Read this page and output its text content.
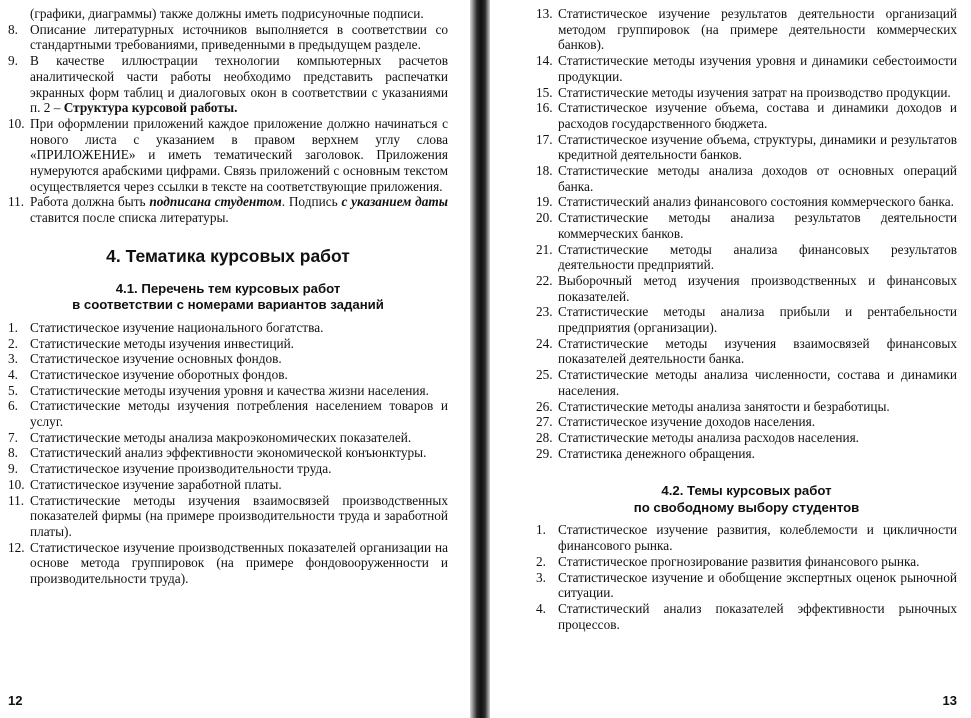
(графики, диаграммы) также должны иметь подрисуночные подписи.
8. Описание литературных источников выполняется в соответствии со стандартными требованиями, приведенными в предыдущем разделе.
9. В качестве иллюстрации технологии компьютерных расчетов аналитической части работы необходимо представить распечатки экранных форм таблиц и диалоговых окон в соответствии с указаниями п. 2 – Структура курсовой работы.
10. При оформлении приложений каждое приложение должно начинаться с нового листа с указанием в правом верхнем углу слова «ПРИЛОЖЕНИЕ» и иметь тематический заголовок. Приложения нумеруются арабскими цифрами. Связь приложений с основным текстом осуществляется через ссылки в тексте на соответствующие приложения.
11. Работа должна быть подписана студентом. Подпись с указанием даты ставится после списка литературы.
4. Тематика курсовых работ
4.1. Перечень тем курсовых работ
в соответствии с номерами вариантов заданий
1. Статистическое изучение национального богатства.
2. Статистические методы изучения инвестиций.
3. Статистическое изучение основных фондов.
4. Статистическое изучение оборотных фондов.
5. Статистические методы изучения уровня и качества жизни населения.
6. Статистические методы изучения потребления населением товаров и услуг.
7. Статистические методы анализа макроэкономических показателей.
8. Статистический анализ эффективности экономической конъюнктуры.
9. Статистическое изучение производительности труда.
10. Статистическое изучение заработной платы.
11. Статистические методы изучения взаимосвязей производственных показателей фирмы (на примере производительности труда и заработной платы).
12. Статистическое изучение производственных показателей организации на основе метода группировок (на примере фондовооруженности и производительности труда).
12
13. Статистическое изучение результатов деятельности организаций методом группировок (на примере деятельности коммерческих банков).
14. Статистические методы изучения уровня и динамики себестоимости продукции.
15. Статистические методы изучения затрат на производство продукции.
16. Статистическое изучение объема, состава и динамики доходов и расходов государственного бюджета.
17. Статистическое изучение объема, структуры, динамики и результатов кредитной деятельности банков.
18. Статистические методы анализа доходов от основных операций банка.
19. Статистический анализ финансового состояния коммерческого банка.
20. Статистические методы анализа результатов деятельности коммерческих банков.
21. Статистические методы анализа финансовых результатов деятельности предприятий.
22. Выборочный метод изучения производственных и финансовых показателей.
23. Статистические методы анализа прибыли и рентабельности предприятия (организации).
24. Статистические методы изучения взаимосвязей финансовых показателей деятельности банка.
25. Статистические методы анализа численности, состава и динамики населения.
26. Статистические методы анализа занятости и безработицы.
27. Статистическое изучение доходов населения.
28. Статистические методы анализа расходов населения.
29. Статистика денежного обращения.
4.2. Темы курсовых работ
по свободному выбору студентов
1. Статистическое изучение развития, колеблемости и цикличности финансового рынка.
2. Статистическое прогнозирование развития финансового рынка.
3. Статистическое изучение и обобщение экспертных оценок рыночной ситуации.
4. Статистический анализ показателей эффективности рыночных процессов.
13
